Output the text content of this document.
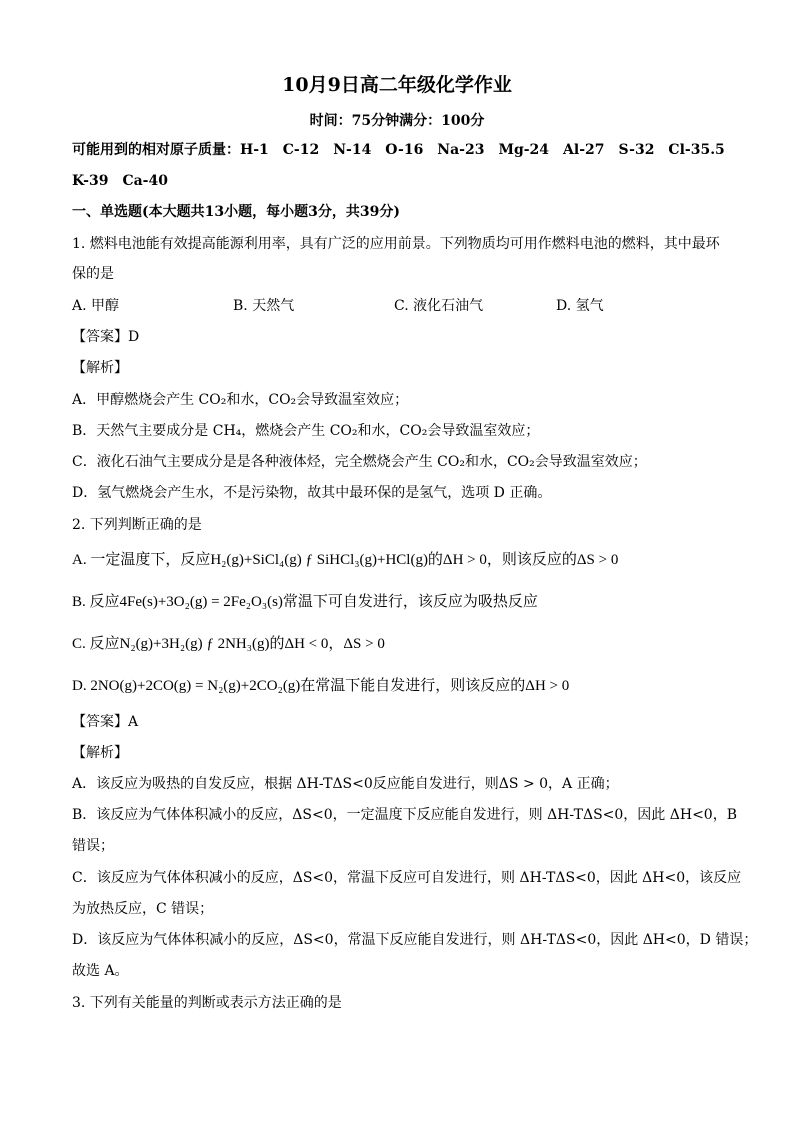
10月9日高二年级化学作业
时间：75分钟满分：100分
可能用到的相对原子质量：H-1　C-12　N-14　O-16　Na-23　Mg-24　Al-27　S-32　Cl-35.5
K-39　Ca-40
一、单选题(本大题共13小题，每小题3分，共39分)
1. 燃料电池能有效提高能源利用率，具有广泛的应用前景。下列物质均可用作燃料电池的燃料，其中最环
保的是
A. 甲醇	B. 天然气	C. 液化石油气	D. 氢气
【答案】D
【解析】
A．甲醇燃烧会产生 CO₂和水，CO₂会导致温室效应；
B．天然气主要成分是 CH₄，燃烧会产生 CO₂和水，CO₂会导致温室效应；
C．液化石油气主要成分是是各种液体烃，完全燃烧会产生 CO₂和水，CO₂会导致温室效应；
D．氢气燃烧会产生水，不是污染物，故其中最环保的是氢气，选项 D 正确。
2. 下列判断正确的是
A. 一定温度下，反应H₂(g)+SiCl₄(g) ƒ SiHCl₃(g)+HCl(g)的ΔH > 0，则该反应的ΔS > 0
B. 反应4Fe(s)+3O₂(g) = 2Fe₂O₃(s)常温下可自发进行，该反应为吸热反应
C. 反应N₂(g)+3H₂(g) ƒ 2NH₃(g)的ΔH < 0，ΔS > 0
D. 2NO(g)+2CO(g) = N₂(g)+2CO₂(g)在常温下能自发进行，则该反应的ΔH > 0
【答案】A
【解析】
A．该反应为吸热的自发反应，根据 ΔH-TΔS<0反应能自发进行，则ΔS > 0，A 正确；
B．该反应为气体体积减小的反应，ΔS<0，一定温度下反应能自发进行，则 ΔH-TΔS<0，因此 ΔH<0，B
错误；
C．该反应为气体体积减小的反应，ΔS<0，常温下反应可自发进行，则 ΔH-TΔS<0，因此 ΔH<0，该反应
为放热反应，C 错误；
D．该反应为气体体积减小的反应，ΔS<0，常温下反应能自发进行，则 ΔH-TΔS<0，因此 ΔH<0，D 错误；
故选 A。
3. 下列有关能量的判断或表示方法正确的是
